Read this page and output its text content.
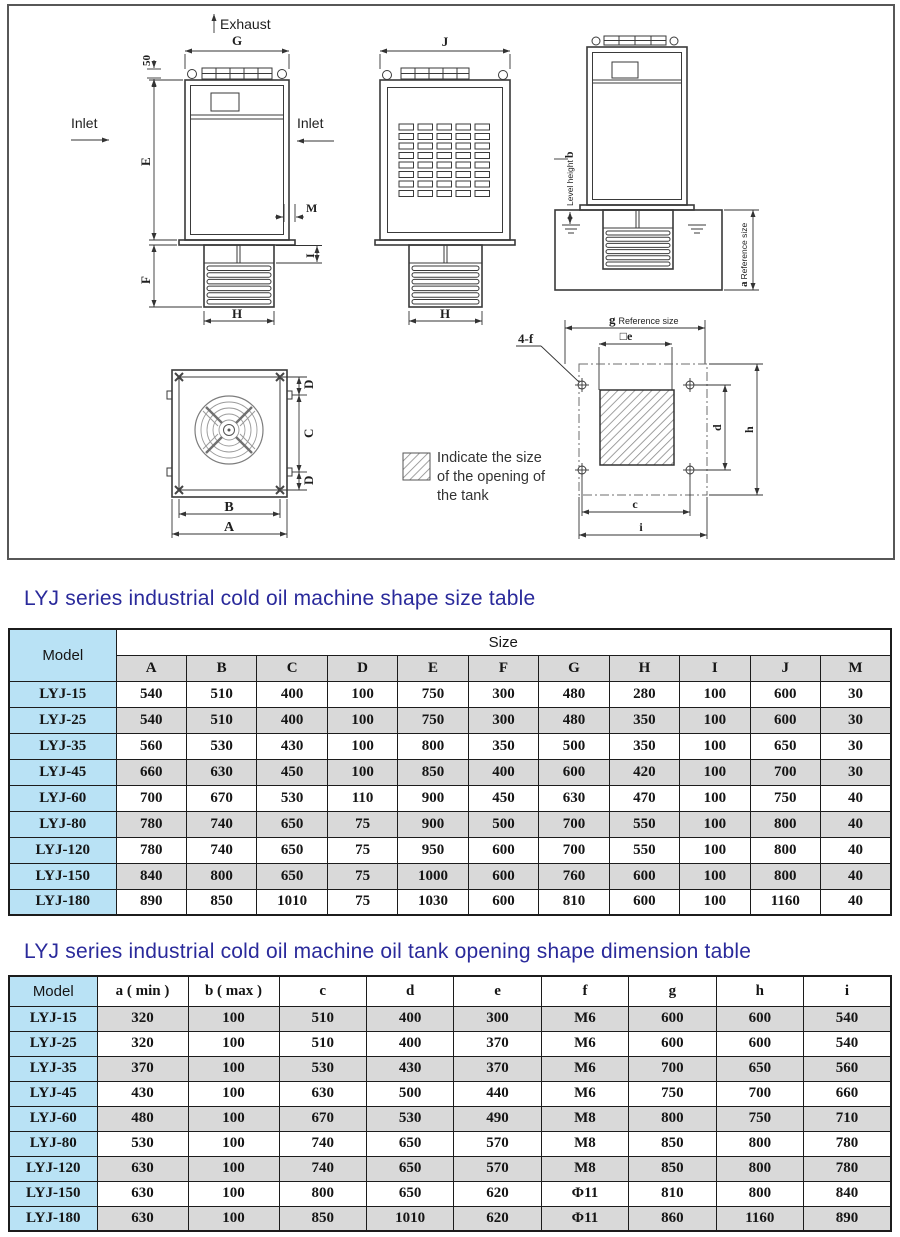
Exhaust
G
50
Inlet	Inlet
E
F
M
I
H
J
H
Level heightb
aReference size
D
C
D
B
A
g Reference size
□e
4-f
d h
c
i
Indicate the size
of the opening of
the tank
LYJ series industrial cold oil machine shape size table
Model	Size										
	A	B	C	D	E	F	G	H	I	J	M
LYJ-15	540	510	400	100	750	300	480	280	100	600	30
LYJ-25	540	510	400	100	750	300	480	350	100	600	30
LYJ-35	560	530	430	100	800	350	500	350	100	650	30
LYJ-45	660	630	450	100	850	400	600	420	100	700	30
LYJ-60	700	670	530	110	900	450	630	470	100	750	40
LYJ-80	780	740	650	75	900	500	700	550	100	800	40
LYJ-120	780	740	650	75	950	600	700	550	100	800	40
LYJ-150	840	800	650	75	1000	600	760	600	100	800	40
LYJ-180	890	850	1010	75	1030	600	810	600	100	1160	40
LYJ series industrial cold oil machine oil tank opening shape dimension table
Model	a ( min )	b ( max )	c	d	e	f	g	h	i
LYJ-15	320	100	510	400	300	M6	600	600	540
LYJ-25	320	100	510	400	370	M6	600	600	540
LYJ-35	370	100	530	430	370	M6	700	650	560
LYJ-45	430	100	630	500	440	M6	750	700	660
LYJ-60	480	100	670	530	490	M8	800	750	710
LYJ-80	530	100	740	650	570	M8	850	800	780
LYJ-120	630	100	740	650	570	M8	850	800	780
LYJ-150	630	100	800	650	620	Φ11	810	800	840
LYJ-180	630	100	850	1010	620	Φ11	860	1160	890
